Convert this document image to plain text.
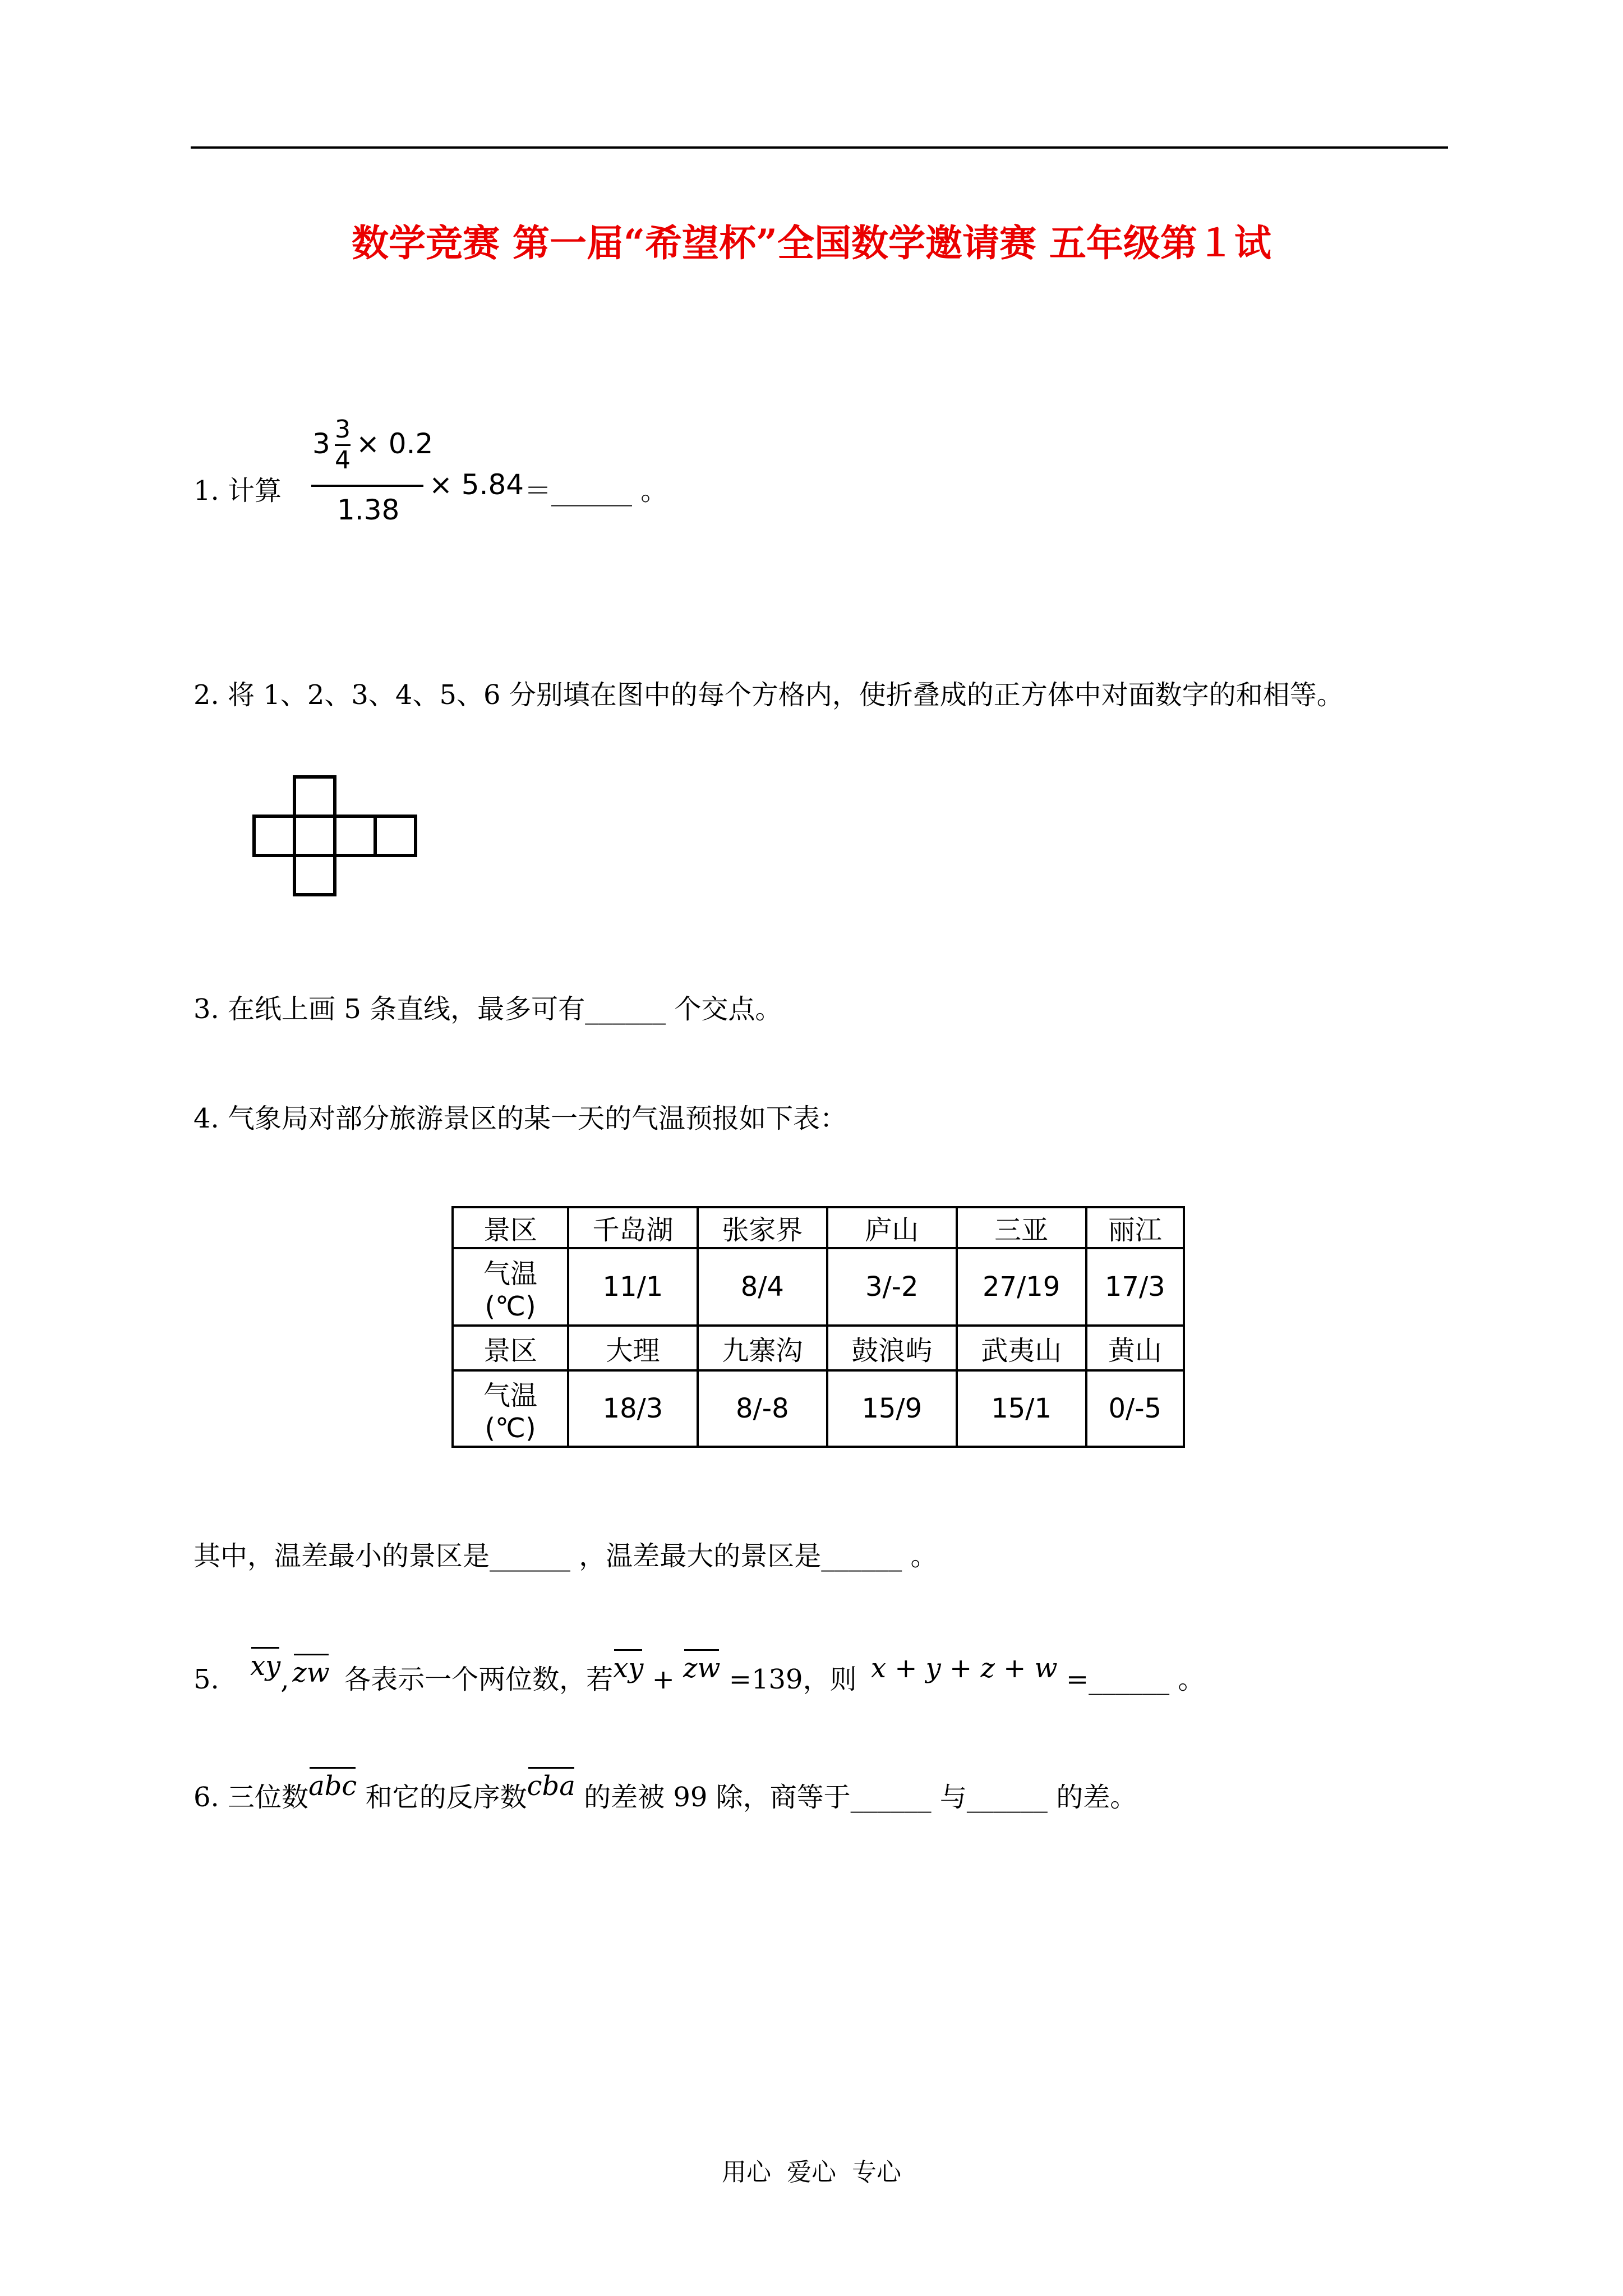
数学竞赛 第一届“希望杯”全国数学邀请赛 五年级第１试
1. 计算
3 3
4
× 0.2
1.38
× 5.84 ＝______ 。
2. 将 1、2、3、4、5、6 分别填在图中的每个方格内，使折叠成的正方体中对面数字的和相等。
3. 在纸上画 5 条直线，最多可有______ 个交点。
4. 气象局对部分旅游景区的某一天的气温预报如下表：
景区	千岛湖	张家界	庐山	三亚	丽江

气温
(℃)	11/1	8/4	3/-2	27/19	17/3
景区	大理	九寨沟	鼓浪屿	武夷山	黄山

气温
(℃)	18/3	8/-8	15/9	15/1	0/-5
其中，温差最小的景区是______ ，温差最大的景区是______ 。
5. xy, zw 各表示一个两位数，若xy + zw =139，则 x + y + z + w =______ 。
6. 三位数abc 和它的反序数cba 的差被 99 除，商等于______ 与______ 的差。
用心  爱心  专心
